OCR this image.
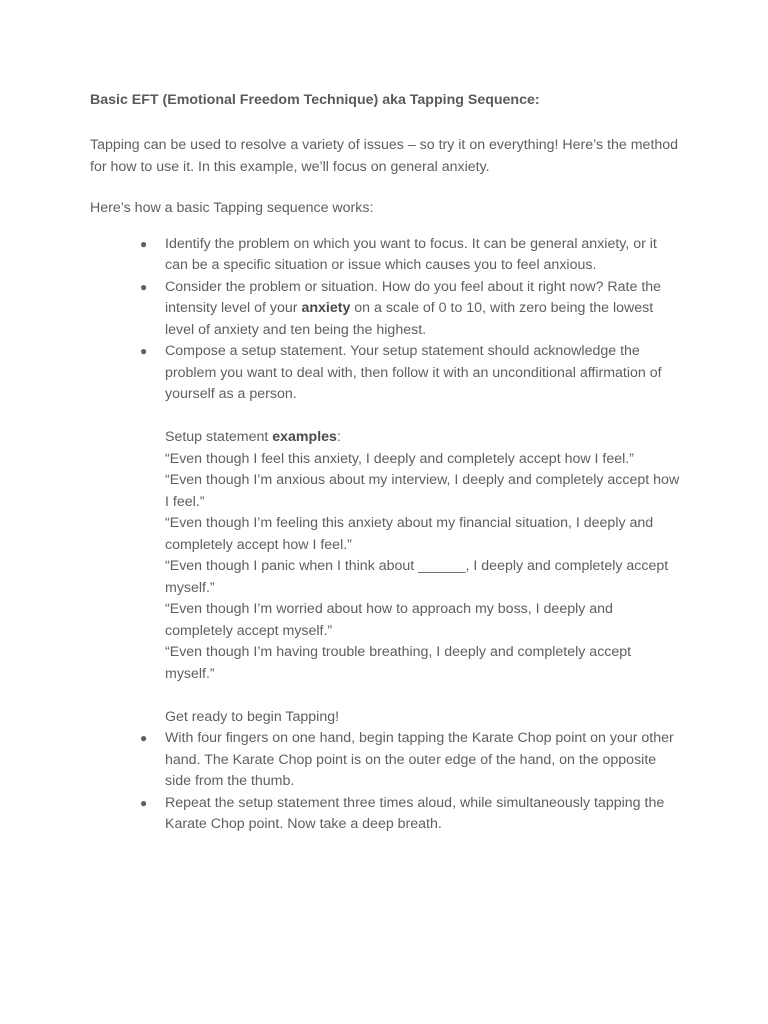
Basic EFT (Emotional Freedom Technique) aka Tapping Sequence:

Tapping can be used to resolve a variety of issues – so try it on everything! Here’s the method for how to use it. In this example, we’ll focus on general anxiety.

Here’s how a basic Tapping sequence works:

● Identify the problem on which you want to focus. It can be general anxiety, or it can be a specific situation or issue which causes you to feel anxious.
● Consider the problem or situation. How do you feel about it right now? Rate the intensity level of your anxiety on a scale of 0 to 10, with zero being the lowest level of anxiety and ten being the highest.
● Compose a setup statement. Your setup statement should acknowledge the problem you want to deal with, then follow it with an unconditional affirmation of yourself as a person.
Setup statement examples:
“Even though I feel this anxiety, I deeply and completely accept how I feel.”
“Even though I’m anxious about my interview, I deeply and completely accept how I feel.”
“Even though I’m feeling this anxiety about my financial situation, I deeply and completely accept how I feel.”
“Even though I panic when I think about ______, I deeply and completely accept myself.”
“Even though I’m worried about how to approach my boss, I deeply and completely accept myself.”
“Even though I’m having trouble breathing, I deeply and completely accept myself.”
Get ready to begin Tapping!
● With four fingers on one hand, begin tapping the Karate Chop point on your other hand. The Karate Chop point is on the outer edge of the hand, on the opposite side from the thumb.
● Repeat the setup statement three times aloud, while simultaneously tapping the Karate Chop point. Now take a deep breath.
